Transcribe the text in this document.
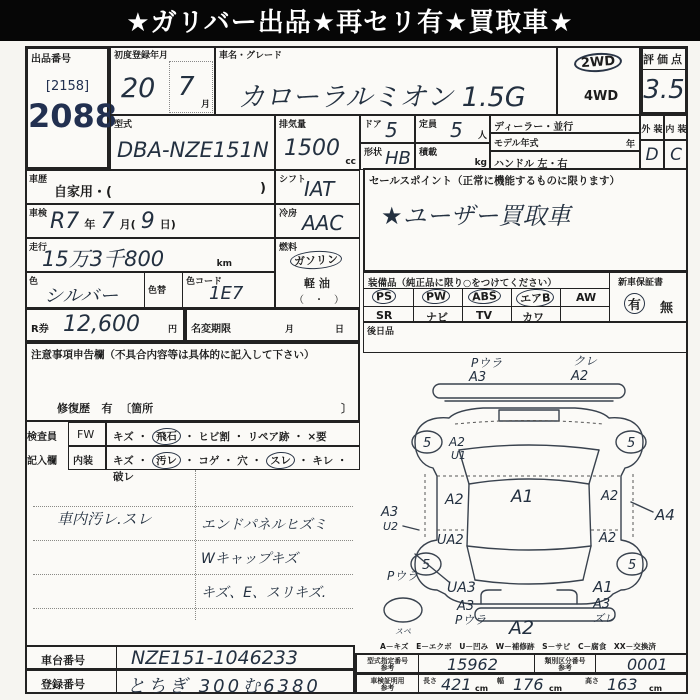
★ガリバー出品★再セリ有★買取車★
出品番号
[2158]
2088
初度登録年月
20 7
月
車名・グレード
カローラルミオン 1.5G
2WD
4WD
評価点
3.5
型式
DBA-NZE151N
排気量
1500
cc
ドア 5 定員 5 人
形状 HB 積載
kg
ディーラー・並行
モデル年式	年
ハンドル 左・右
外 装 内 装
D C
車歴
自家用・(	)
シフト
IAT
車検 R7 年 7 月( 9 日)
冷房 AAC
走行
15万3千800	km
燃料
ガソリン
軽 油
（　・　）
色
シルバー	色替
色コード
1E7
R券 12,600	円 名変期限	月	日
注意事項申告欄（不具合内容等は具体的に記入して下さい）
修復歴 有 〔箇所	〕
検査員
記入欄
FW	キズ ・ 飛石 ・ ヒビ割 ・ リペア跡 ・ ×要
内装	キズ ・ 汚レ ・ コゲ ・ 穴 ・ スレ ・ キレ ・ 破レ
車内汚レ.スレ	エンドパネルヒズミ
Wキャップキズ
キズ、E、スリキズ.
セールスポイント（正常に機能するものに限ります）
★ユーザー買取車
装備品（純正品に限り○をつけてください）
PS	PW	ABS	エアB	AW
SR	ナビ	TV	カワ
新車保証書
有	無
後日品
5	5
5	5
Pウラ
A3
クレ
A2
A2
U1
A1
A2	A2
A3
U2
UA2	A2
A4
Pウラ
UA3	A1
A3
Pウラ A2
A3
ズレ
スペ
A－キズ　E－エクボ　U－凹み　W－補修跡　S－サビ　C－腐食　XX－交換済
車台番号 NZE151-1046233
登録番号 とちぎ 300む6380
型式指定番号
参考	15962	類別区分番号
参考	0001
車検証明用
参考
長さ 421 cm
幅 176 cm
高さ 163 cm
